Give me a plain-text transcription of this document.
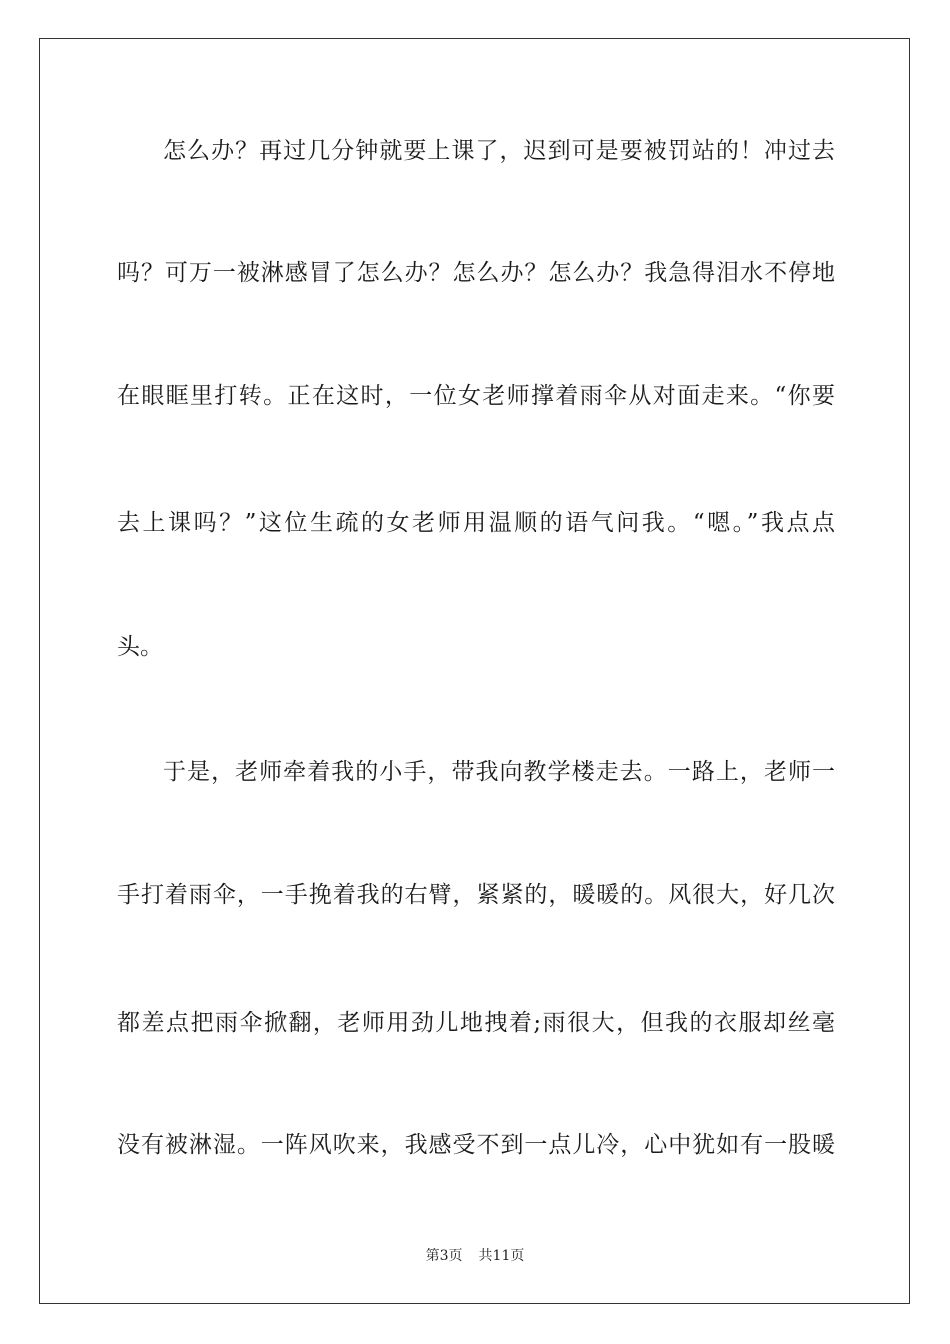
怎么办？再过几分钟就要上课了，迟到可是要被罚站的！冲过去
吗？可万一被淋感冒了怎么办？怎么办？怎么办？我急得泪水不停地
在眼眶里打转。正在这时，一位女老师撑着雨伞从对面走来。“你要
去上课吗？”这位生疏的女老师用温顺的语气问我。“嗯。”我点点
头。
于是，老师牵着我的小手，带我向教学楼走去。一路上，老师一
手打着雨伞，一手挽着我的右臂，紧紧的，暖暖的。风很大，好几次
都差点把雨伞掀翻，老师用劲儿地拽着;雨很大，但我的衣服却丝毫
没有被淋湿。一阵风吹来，我感受不到一点儿冷，心中犹如有一股暖
第3页 共11页
